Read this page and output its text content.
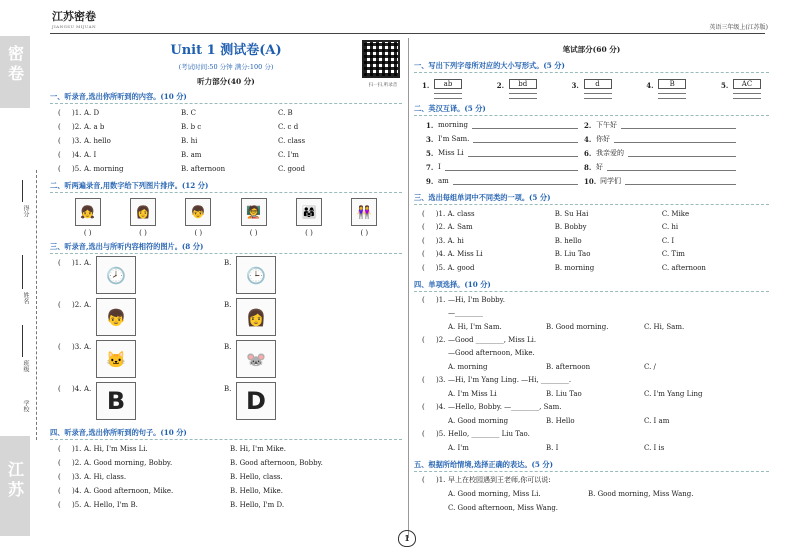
密卷
江苏
得分
姓名
班级
学校
江苏密卷
JIANGSU MIJUAN	英语三年级上(江苏版)
Unit 1 测试卷(A)
(考试时间:50 分钟 满分:100 分)
听力部分(40 分)	扫一扫,听录音
一、听录音,选出你所听到的内容。(10 分)
(	)1. A. D	B. C	C. B
(	)2. A. a b	B. b c	C. c d
(	)3. A. hello	B. hi	C. class
(	)4. A. I	B. am	C. I'm
(	)5. A. morning	B. afternoon	C. good
二、听两遍录音,用数字给下列图片排序。(12 分)
👧	👩	👦	🧑‍🏫	👨‍👩‍👧	👭
( )	( )	( )	( )	( )	( )
三、听录音,选出与所听内容相符的图片。(8 分)
(	)1. A.
🕗
B.
🕒
(	)2. A.
👦
B.
👩
(	)3. A.
🐱
B.
🐭
(	)4. A. B	B. D
四、听录音,选出你所听到的句子。(10 分)
(	)1. A. Hi, I'm Miss Li.	B. Hi, I'm Mike.
(	)2. A. Good morning, Bobby.	B. Good afternoon, Bobby.
(	)3. A. Hi, class.	B. Hello, class.
(	)4. A. Good afternoon, Mike.	B. Hello, Mike.
(	)5. A. Hello, I'm B.	B. Hello, I'm D.
笔试部分(60 分)
一、写出下列字母所对应的大小写形式。(5 分)
1.	ab	2.	bd	3.	d	4.	B	5.	AC
二、英汉互译。(5 分)
1. morning	2. 下午好
3. I'm Sam.	4. 你好
5. Miss Li	6. 我亲爱的
7. I	8. 好
9. am	10. 同学们
三、选出每组单词中不同类的一项。(5 分)
(	)1. A. class	B. Su Hai	C. Mike
(	)2. A. Sam	B. Bobby	C. hi
(	)3. A. hi	B. hello	C. I
(	)4. A. Miss Li	B. Liu Tao	C. Tim
(	)5. A. good	B. morning	C. afternoon
四、单项选择。(10 分)
(	)1. —Hi, I'm Bobby.
—________
A. Hi, I'm Sam.	B. Good morning.	C. Hi, Sam.
(	)2. —Good ________, Miss Li.
—Good afternoon, Mike.
A. morning	B. afternoon	C. /
(	)3. —Hi, I'm Yang Ling. —Hi, ________.
A. I'm Miss Li	B. Liu Tao	C. I'm Yang Ling
(	)4. —Hello, Bobby. —________, Sam.
A. Good morning	B. Hello	C. I am
(	)5. Hello, ________ Liu Tao.
A. I'm	B. I	C. I is
五、根据所给情境,选择正确的表达。(5 分)
(	)1. 早上在校园遇到王老师,你可以说:
A. Good morning, Miss Li.	B. Good morning, Miss Wang.
C. Good afternoon, Miss Wang.
1
